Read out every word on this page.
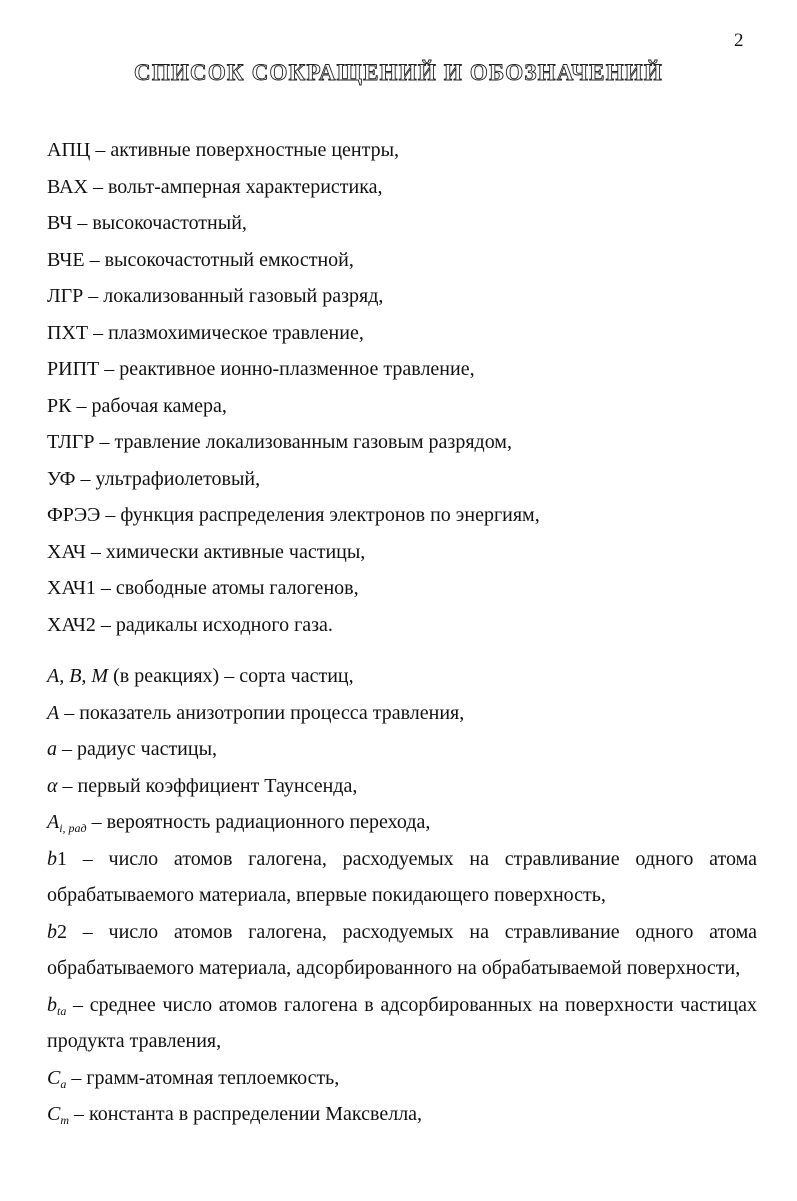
2
СПИСОК СОКРАЩЕНИЙ И ОБОЗНАЧЕНИЙ
АПЦ – активные поверхностные центры,
ВАХ – вольт-амперная характеристика,
ВЧ – высокочастотный,
ВЧЕ – высокочастотный емкостной,
ЛГР – локализованный газовый разряд,
ПХТ – плазмохимическое травление,
РИПТ – реактивное ионно-плазменное травление,
РК – рабочая камера,
ТЛГР – травление локализованным газовым разрядом,
УФ – ультрафиолетовый,
ФРЭЭ – функция распределения электронов по энергиям,
ХАЧ – химически активные частицы,
ХАЧ1 – свободные атомы галогенов,
ХАЧ2 – радикалы исходного газа.
A, B, M (в реакциях) – сорта частиц,
A – показатель анизотропии процесса травления,
a – радиус частицы,
α – первый коэффициент Таунсенда,
$A_{i, рад}$ – вероятность радиационного перехода,
b1 – число атомов галогена, расходуемых на стравливание одного атома обрабатываемого материала, впервые покидающего поверхность,
b2 – число атомов галогена, расходуемых на стравливание одного атома обрабатываемого материала, адсорбированного на обрабатываемой поверхности,
$b_{ta}$ – среднее число атомов галогена в адсорбированных на поверхности частицах продукта травления,
$C_a$ – грамм-атомная теплоемкость,
$C_m$ – константа в распределении Максвелла,
